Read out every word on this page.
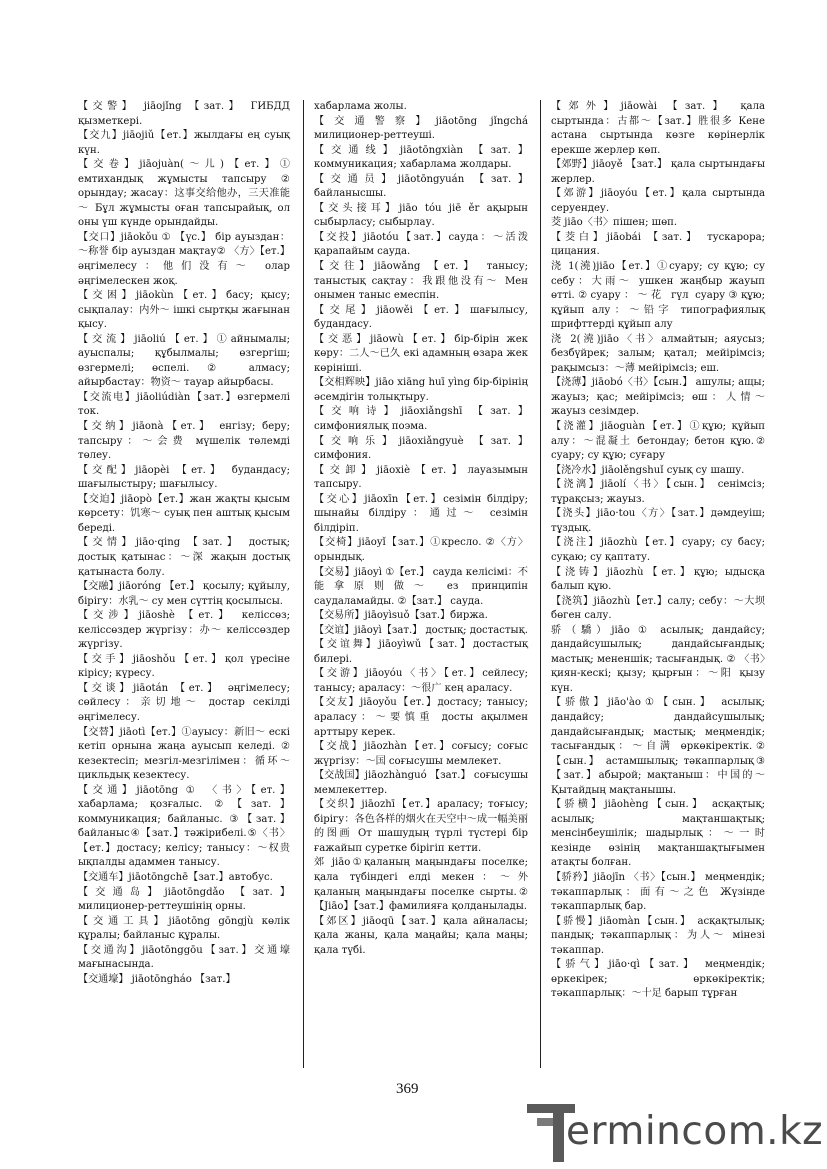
【交警】 jiāojǐng 【зат.】 ГИБДД қызметкері.
【交九】jiāojiǔ【ет.】жылдағы ең суық күн.
【交卷】jiāojuàn(～儿)【ет.】① емтихандық жұмысты тапсыру ② орындау; жасау：这事交给他办，三天准能～ Бұл жұмысты оған тапсырайық, ол оны үш күнде орындайды.
【交口】jiāokǒu ① 【үс.】 бір ауыздан：～称誉 бір ауыздан мақтау② 〈方〉【ет.】 әңгімелесу：他们没有～ олар әңгімелескен жоқ.
【交困】jiāokùn【ет.】басу; қысу; сықпалау：内外～ ішкі сыртқы жағынан қысу.
【交流】jiāoliú【ет.】①айнымалы; ауыспалы; құбылмалы; өзгергіш; өзгермелі; өспелі. ② алмасу; айырбастау：物资～ тауар айырбасы.
【交流电】jiāoliúdiàn【зат.】өзгермелі ток.
【交纳】jiāonà【ет.】 енгізу; беру; тапсыру：～会费 мүшелік төлемді төлеу.
【交配】jiāopèi 【ет.】 будандасу; шағылыстыру; шағылысу.
【交迫】jiāopò【ет.】жан жақты қысым көрсету：饥寒～ суық пен аштық қысым береді.
【交情】jiāo·qing 【зат.】 достық; достық қатынас：～深 жақын достық қатынаста болу.
【交融】jiāoróng 【ет.】 қосылу; құйылу, бірігу：水乳～ су мен сүттің қосылысы.
【交涉】jiāoshè 【ет.】 келіссөз; келіссөздер жүргізу：办～ келіссөздер жүргізу.
【交手】jiāoshǒu【ет.】қол үресіне кірісу; күресу.
【交谈】jiāotán 【ет.】 әңгімелесу; сөйлесу：亲切地～ достар секілді әңгімелесу.
【交替】jiāotì【ет.】①ауысу：新旧～ ескі кетіп орнына жаңа ауысып келеді. ② кезектесіп; мезгіл-мезгілімен：循环～ цикльдық кезектесу.
【交通】jiāotōng ① 〈书〉【ет.】 хабарлама; қозғалыс. ②【зат.】 коммуникация; байланыс. ③【зат.】 байланыс④【зат.】тәжірибелі.⑤〈书〉【ет.】достасу; келісу; танысу：～权贵 ықпалды адаммен танысу.
【交通车】jiāotōngchē【зат.】автобус.
【交通岛】jiāotōngdǎo 【зат.】 милиционер-реттеушінің орны.
【交通工具】jiāotōng gōngjù көлік құралы; байланыс құралы.
【交通沟】jiāotōnggōu【зат.】交通壕 мағынасында.
【交通壕】 jiāotōngháo 【зат.】
хабарлама жолы.
【交通警察】jiāotōng jǐngchá милиционер-реттеуші.
【交通线】jiāotōngxiàn 【зат.】 коммуникация; хабарлама жолдары.
【交通员】jiāotōngyuán 【зат.】 байланысшы.
【交头接耳】jiāo tóu jiē ěr ақырын сыбырласу; сыбырлау.
【交投】jiāotóu【зат.】сауда：～活泼 қарапайым сауда.
【交往】jiāowǎng 【ет.】 танысу; таныстық сақтау：我跟他没有～ Мен онымен таныс емеспін.
【交尾】jiāowěi【ет.】шағылысу, будандасу.
【交恶】jiāowù【ет.】бір-бірін жек көру：二人～已久 екі адамның өзара жек көрініші.
【交相辉映】jiāo xiāng huī yìng бір-бірінің әсемдігін толықтыру.
【交响诗】jiāoxiǎngshī 【зат.】 симфониялық поэма.
【交响乐】jiāoxiǎngyuè 【зат.】 симфония.
【交卸】jiāoxiè【ет.】лауазымын тапсыру.
【交心】jiāoxīn【ет.】сезімін білдіру; шынайы білдіру：通过～ сезімін білдіріп.
【交椅】jiāoyǐ【зат.】①кресло. ②〈方〉орындық.
【交易】jiāoyì ①【ет.】 сауда келісімі：不能拿原则做～ ез принципін саудаламайды. ②【зат.】 сауда.
【交易所】jiāoyìsuǒ【зат.】биржа.
【交谊】jiāoyì【зат.】 достық; достастық.
【交谊舞】jiāoyìwǔ【зат.】достастық билері.
【交游】jiāoyóu〈书〉【ет.】сейлесу; танысу; араласу：～很广 кең араласу.
【交友】jiāoyǒu【ет.】достасу; танысу; араласу：～要慎重 досты ақылмен арттыру керек.
【交战】jiāozhàn【ет.】соғысу; соғыс жүргізу：～国 соғысушы мемлекет.
【交战国】jiāozhànguó 【зат.】 соғысушы мемлекеттер.
【交织】jiāozhī【ет.】араласу; тоғысу; бірігу：各色各样的烟火在天空中～成一幅美丽的图画 От шашудың түрлі түстері бір ғажайып суретке бірігіп кетти.
郊 jiāo①қаланың маңындағы поселке; қала түбіндегі елді мекен：～外 қаланың маңындағы поселке сырты.② 【Jiāo】【зат.】фамилияға қолданылады.
【郊区】jiāoqū【зат.】қала айналасы; қала жаны, қала маңайы; қала маңы; қала түбі.
【郊外】jiāowài 【зат.】 қала сыртында：古都～【зат.】胜很多 Кене астана сыртында көзге көрінерлік ерекше жерлер көп.
【郊野】jiāoyě 【зат.】 қала сыртындағы жерлер.
【郊游】jiāoyóu【ет.】қала сыртында серуендеу.
茭 jiāo〈书〉пішен; шөп.
【茭白】jiāobái 【зат.】 тускарора; цицания.
浇 1(澆)jiāo【ет.】①суару; су құю; су себу：大雨～ ушкен жаңбыр жауып өтті.②суару：～花 гүл суару③құю; құйып алу：～铅字 типографиялық шрифттерді құйып алу
浇 2(澆)jiāo〈书〉алмайтын; аяусыз; безбүйрек; залым; қатал; мейірімсіз; рақымсыз：～薄 мейірімсіз; еш.
【浇薄】jiāobó〈书〉【сын.】 ашулы; ащы; жауыз; қас; мейірімсіз; өш：人情～ жауыз сезімдер.
【浇灌】jiāoguàn【ет.】①құю; құйып алу：～混凝土 бетондау; бетон құю.② суару; су құю; суғару
【浇冷水】jiāolěngshuǐ суық су шашу.
【浇漓】jiāolí〈书〉【сын.】 сенімсіз; тұрақсыз; жауыз.
【浇头】jiāo·tou〈方〉【зат.】дәмдеуіш; тұздық.
【浇注】jiāozhù【ет.】суару; су басу; суқаю; су қаптату.
【浇铸】jiāozhù【ет.】құю; ыдысқа балып құю.
【浇筑】jiāozhù【ет.】салу; себу：～大坝 бөген салу.
骄（驕）jiāo ① асылық; дандайсу; дандайсушылық; дандайсығандық; мастық; мененшік; тасығандық. ② 〈书〉қиян-кескі; қызу; қырғын：～阳 қызу күн.
【骄傲】jiāo'ào①【сын.】 асылық; дандайсу; дандайсушылық; дандайсығандық; мастық; меңмендік; тасығандық：～自满 өркөкіректік.② 【сын.】 астамшылық; тәкаппарлық③ 【зат.】абырой; мақтаныш：中国的～ Қытайдың мақтанышы.
【骄横】jiāohèng【сын.】 асқақтық; асылық; мақтаншақтық; менсінбеушілік; шадырлық：～一时 кезінде өзінің мақтаншақтығымен атақты болған.
【骄矜】jiāojīn 〈书〉【сын.】 меңмендік; тәкаппарлық：面有～之色 Жүзінде тәкаппарлық бар.
【骄慢】jiāomàn【сын.】 асқақтылық; пандық; тәкаппарлық：为人～ мінезі тәкаппар.
【骄气】jiāo·qì【зат.】 меңмендік; өркекірек; өркөкіректік; тәкаппарлық：～十足 барып тұрған
369
ermincom.kz
